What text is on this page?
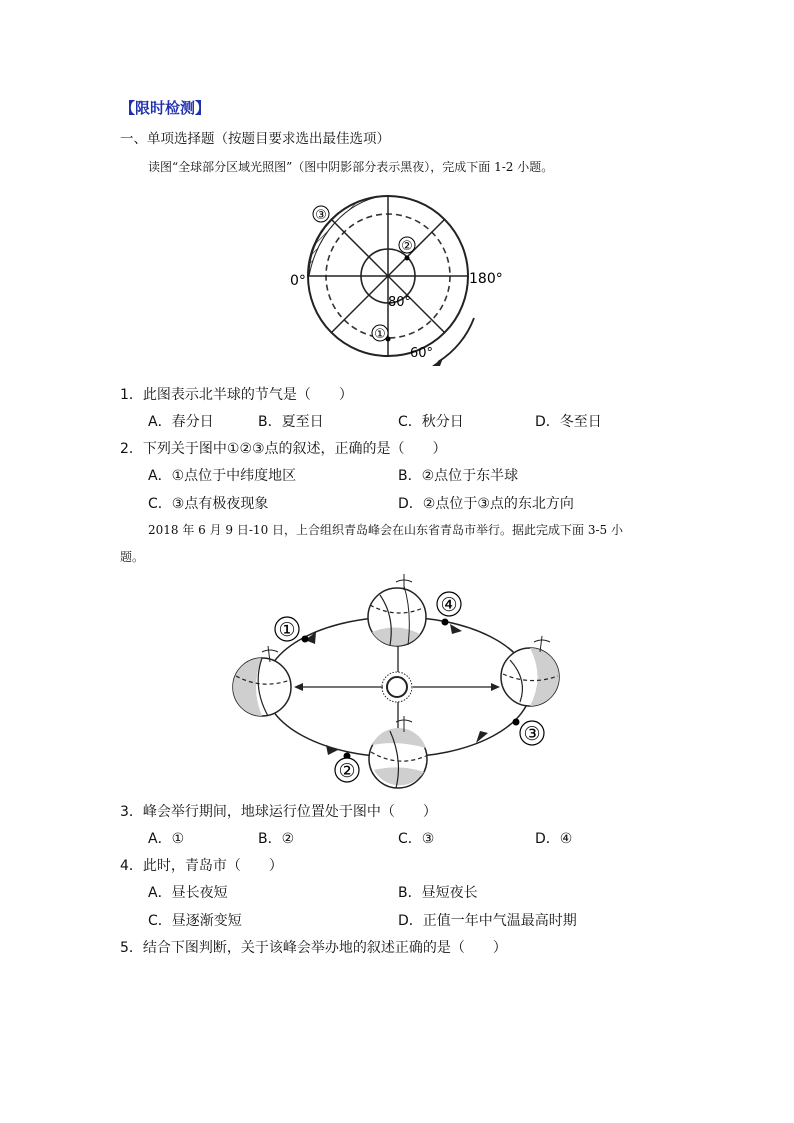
【限时检测】
一、单项选择题（按题目要求选出最佳选项）
读图“全球部分区域光照图”（图中阴影部分表示黑夜），完成下面 1-2 小题。
③
②
①
0°	180°
80°
60°
1．此图表示北半球的节气是（　　）
A．春分日	B．夏至日	C．秋分日	D．冬至日
2．下列关于图中①②③点的叙述，正确的是（　　）
A．①点位于中纬度地区	B．②点位于东半球
C．③点有极夜现象	D．②点位于③点的东北方向
2018 年 6 月 9 日-10 日，上合组织青岛峰会在山东省青岛市举行。据此完成下面 3-5 小
题。
①
④
③
②
3．峰会举行期间，地球运行位置处于图中（　　）
A．①	B．②	C．③	D．④
4．此时，青岛市（　　）
A．昼长夜短	B．昼短夜长
C．昼逐渐变短	D．正值一年中气温最高时期
5．结合下图判断，关于该峰会举办地的叙述正确的是（　　）
